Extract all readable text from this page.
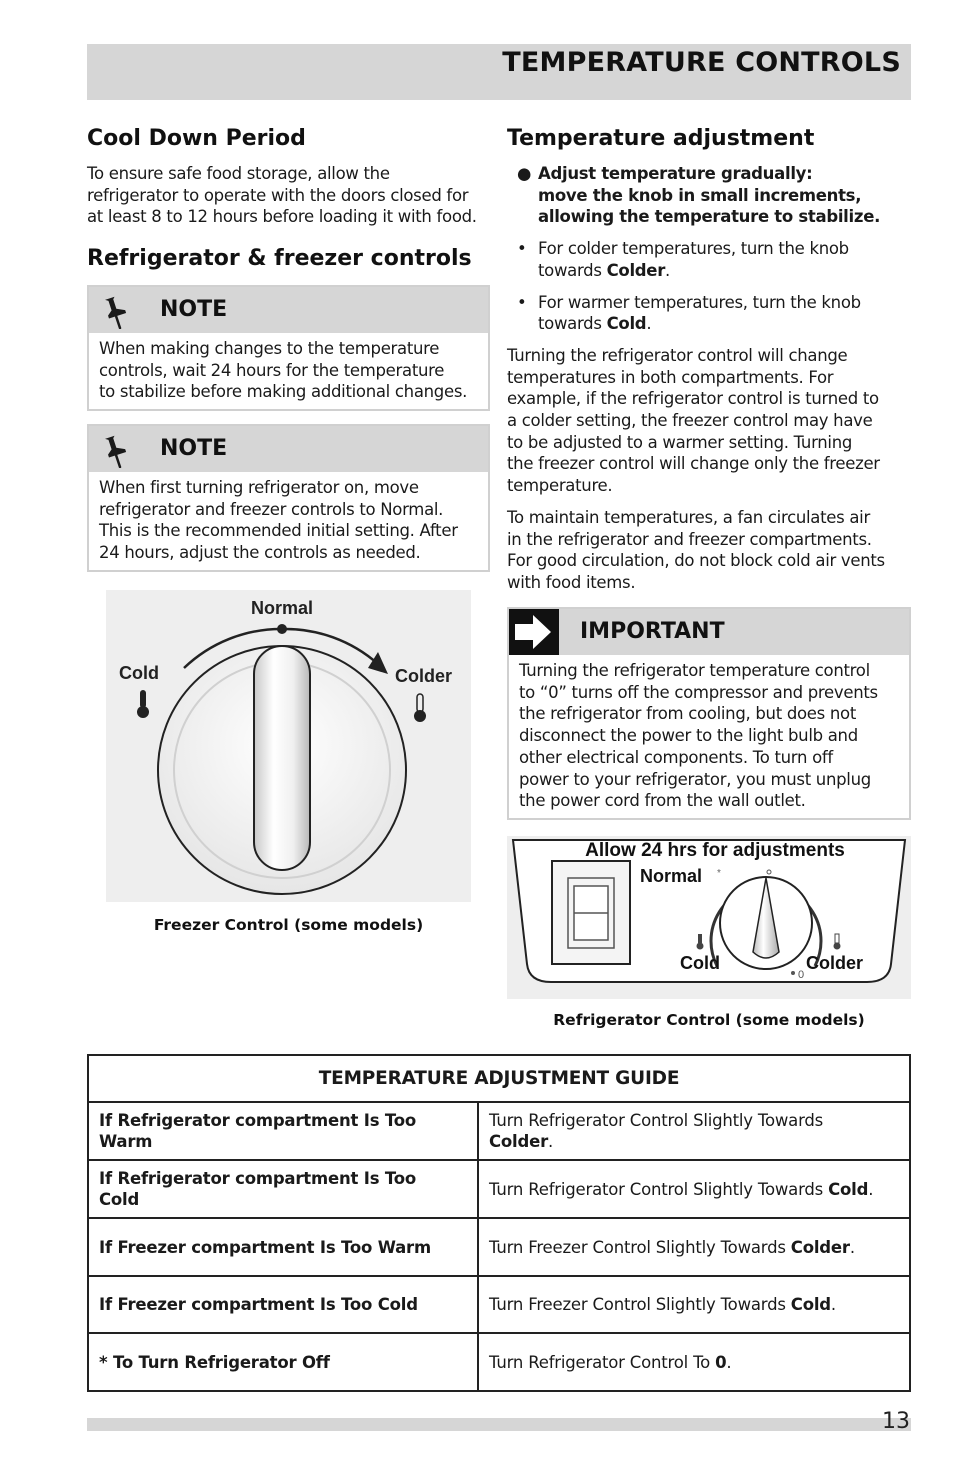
TEMPERATURE CONTROLS
Cool Down Period

To ensure safe food storage, allow the
refrigerator to operate with the doors closed for
at least 8 to 12 hours before loading it with food.

Refrigerator & freezer controls
NOTE
When making changes to the temperature
controls, wait 24 hours for the temperature
to stabilize before making additional changes.
NOTE
When first turning refrigerator on, move
refrigerator and freezer controls to Normal.
This is the recommended initial setting. After
24 hours, adjust the controls as needed.
Normal
Cold	Colder
Freezer Control (some models)
Temperature adjustment
● Adjust temperature gradually:
move the knob in small increments,
allowing the temperature to stabilize.
• For colder temperatures, turn the knob
towards Colder.
• For warmer temperatures, turn the knob
towards Cold.

Turning the refrigerator control will change
temperatures in both compartments. For
example, if the refrigerator control is turned to
a colder setting, the freezer control may have
to be adjusted to a warmer setting. Turning
the freezer control will change only the freezer
temperature.

To maintain temperatures, a fan circulates air
in the refrigerator and freezer compartments.
For good circulation, do not block cold air vents
with food items.

IMPORTANT
Turning the refrigerator temperature control
to “0” turns off the compressor and prevents
the refrigerator from cooling, but does not
disconnect the power to the light bulb and
other electrical components. To turn off
power to your refrigerator, you must unplug
the power cord from the wall outlet.
Allow 24 hrs for adjustments
Normal *
Cold	Colder
0
Refrigerator Control (some models)
TEMPERATURE ADJUSTMENT GUIDE	
If Refrigerator compartment Is Too
Warm	Turn Refrigerator Control Slightly Towards
Colder.
If Refrigerator compartment Is Too
Cold	Turn Refrigerator Control Slightly Towards Cold.
If Freezer compartment Is Too Warm	Turn Freezer Control Slightly Towards Colder.
If Freezer compartment Is Too Cold	Turn Freezer Control Slightly Towards Cold.
* To Turn Refrigerator Off	Turn Refrigerator Control To 0.
13
